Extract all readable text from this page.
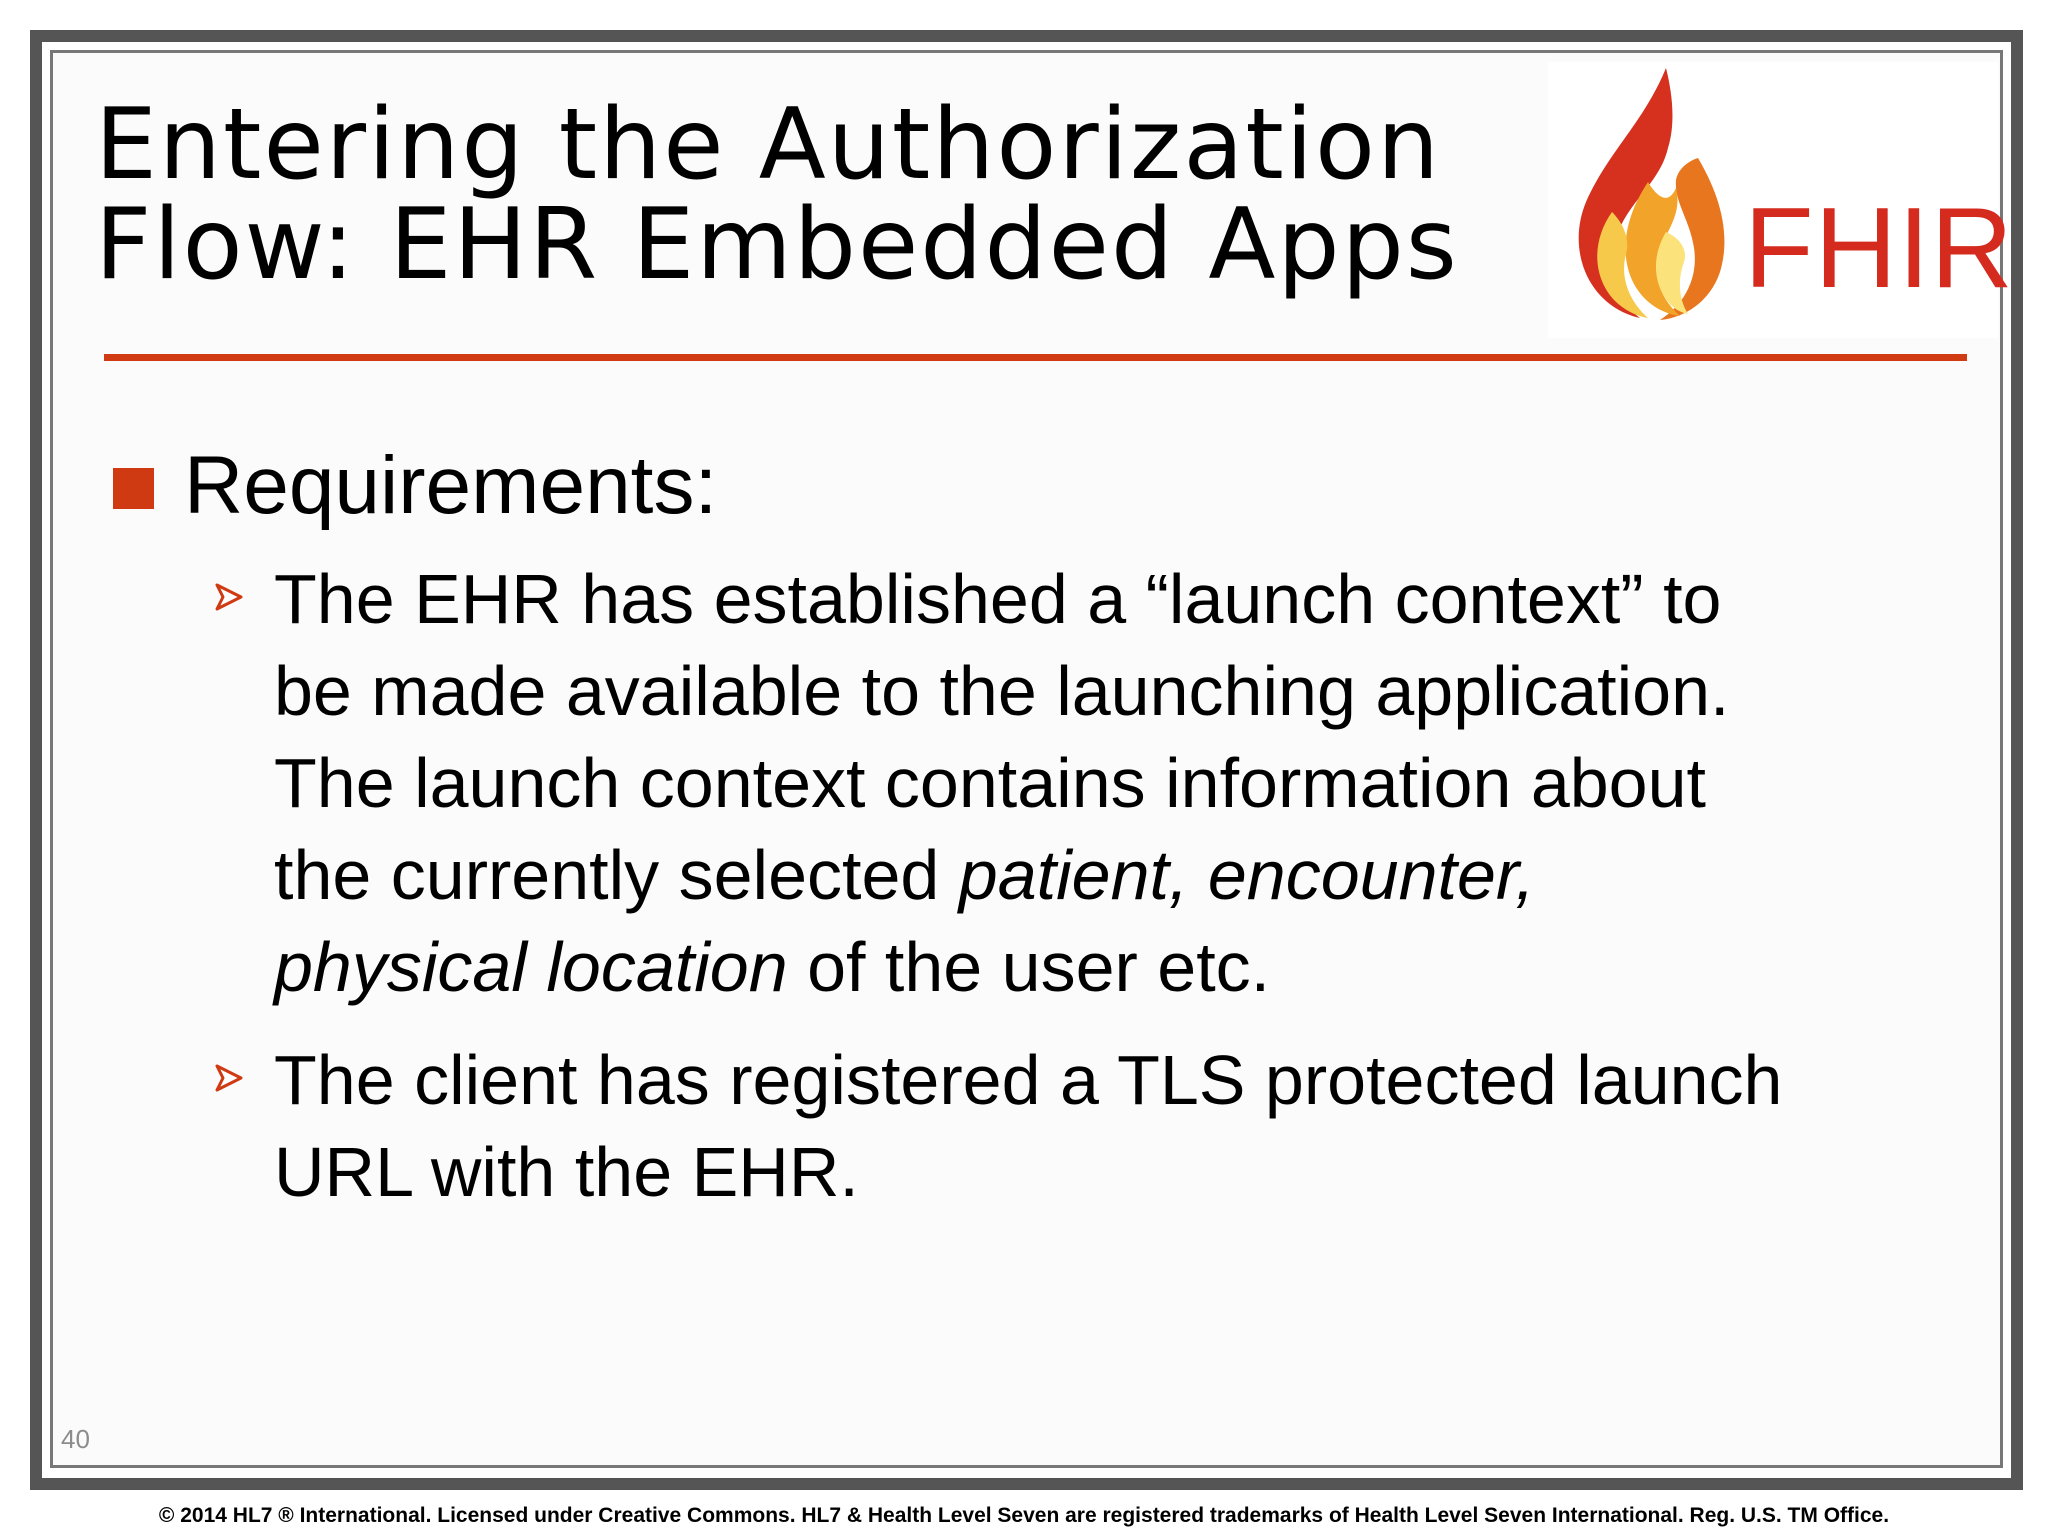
Entering the Authorization
Flow: EHR Embedded Apps	FHIR
Requirements:

The EHR has established a “launch context” to
be made available to the launching application.
The launch context contains information about
the currently selected patient, encounter,
physical location of the user etc.

The client has registered a TLS protected launch
URL with the EHR.

40
© 2014 HL7 ® International. Licensed under Creative Commons. HL7 & Health Level Seven are registered trademarks of Health Level Seven International. Reg. U.S. TM Office.
